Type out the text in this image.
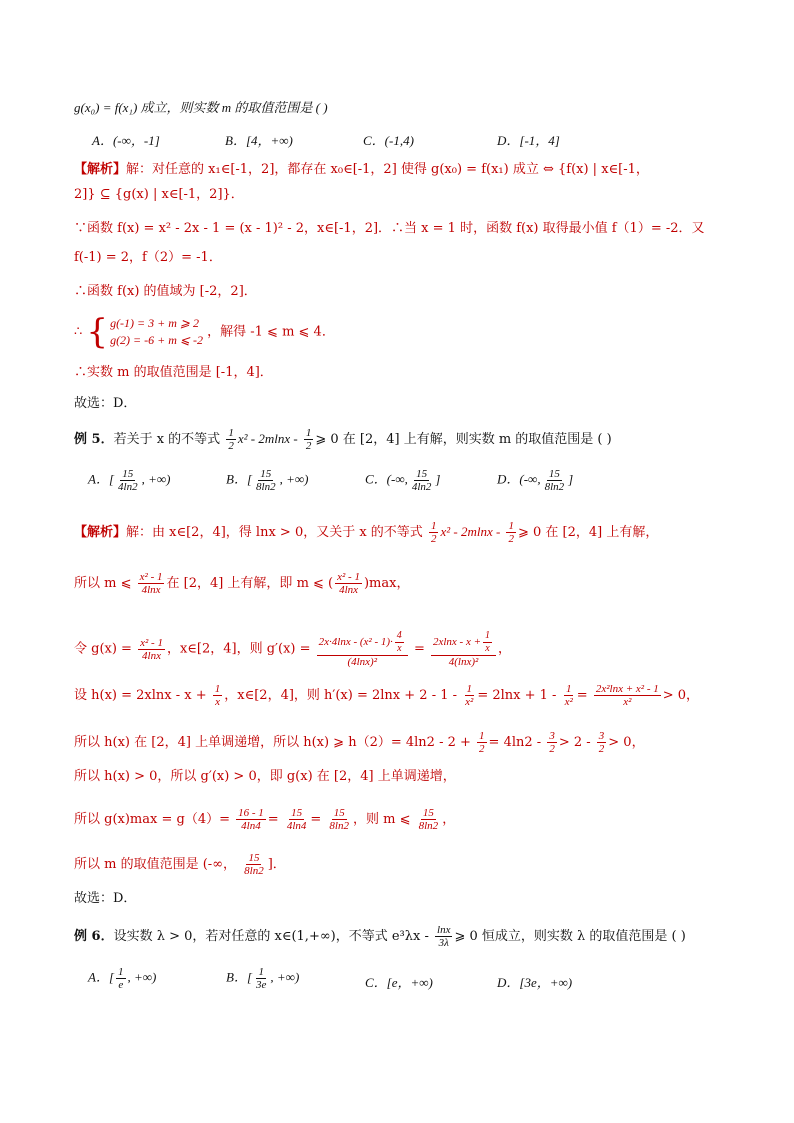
g(x₀) = f(x₁) 成立，则实数 m 的取值范围是 ( )
A．(-∞，-1]	B．[4，+∞)	C．(-1,4)	D．[-1，4]
【解析】解：对任意的 x₁∈[-1，2]，都存在 x₀∈[-1，2] 使得 g(x₀) = f(x₁) 成立 ⇔ {f(x) | x∈[-1，
2]} ⊆ {g(x) | x∈[-1，2]}．
∵函数 f(x) = x² - 2x - 1 = (x - 1)² - 2，x∈[-1，2]．∴当 x = 1 时，函数 f(x) 取得最小值 f（1）= -2．又
f(-1) = 2，f（2）= -1．
∴函数 f(x) 的值域为 [-2，2]．
∴ { g(-1) = 3 + m ⩾ 2
g(2) = -6 + m ⩽ -2
，解得 -1 ⩽ m ⩽ 4．
∴实数 m 的取值范围是 [-1，4]．
故选：D．
例 5．若关于 x 的不等式 $\frac{1}{2} x^2 - 2mlnx - \frac{1}{2}$ ⩾ 0 在 [2，4] 上有解，则实数 m 的取值范围是 ( )
A．[ $\frac{15}{4\ln 2}$ , +∞)	B．[ $\frac{15}{8\ln 2}$ , +∞)	C．(-∞, $\frac{15}{4\ln 2}$ ]	D．(-∞, $\frac{15}{8\ln 2}$ ]
【解析】解：由 x∈[2，4]，得 lnx > 0，又关于 x 的不等式 $\frac{1}{2} x^2 - 2mlnx - \frac{1}{2}$ ⩾ 0 在 [2，4] 上有解，
所以 m ⩽ $\frac{\text{x² - 1}}{4\ln x}$ 在 [2，4] 上有解，即 m ⩽ ( $\frac{\text{x² - 1}}{4\ln x} )\max$，
令 $g(x) = \frac{\text{x² - 1}}{4\ln x}$ ，x∈[2，4]，则 $g'(x) = \frac{2x\cdot 4\ln x - (x^2 - 1)\cdot \frac{4}{x}}{\text{(4lnx)²}} = \frac{2xlnx - x + \frac{1}{x}}{\text{4(lnx)²}}$ ，
设 $h(x) = 2xlnx - x + \frac{1}{x}$ ，x∈[2，4]，则 $h'(x) = 2\ln x + 2 - 1 - \frac{1}{\text{x²}} = 2\ln x + 1 - \frac{1}{\text{x²}} = \frac{\text{2x²lnx + x² - 1}}{\text{x²}} > 0$，
所以 h(x) 在 [2，4] 上单调递增，所以 h(x) ⩾ $h(2)= 4\ln 2 - 2 + \frac{1}{2} = 4\ln 2 - \frac{3}{2} > 2 - \frac{3}{2} > 0$，
所以 h(x) > 0，所以 g′(x) > 0，即 g(x) 在 [2，4] 上单调递增，
所以 $g(x)\max = g(4)= \frac{16 - 1}{4\ln 4} = \frac{15}{4\ln 4} = \frac{15}{8\ln 2}$ ，则 m ⩽ $\frac{15}{8\ln 2}$ ，
所以 m 的取值范围是 (-∞， $\frac{15}{8\ln 2}$ ]．
故选：D．
例 6．设实数 λ > 0，若对任意的 x∈(1,+∞)，不等式 $e^3\lambda x - \frac{\ln x}{3\lambda}$ ⩾ 0 恒成立，则实数 λ 的取值范围是 ( )
A．[ $\frac{1}{e}$ , +∞)	B．[ $\frac{1}{3e}$ , +∞)	C．[e，+∞)	D．[3e，+∞)
